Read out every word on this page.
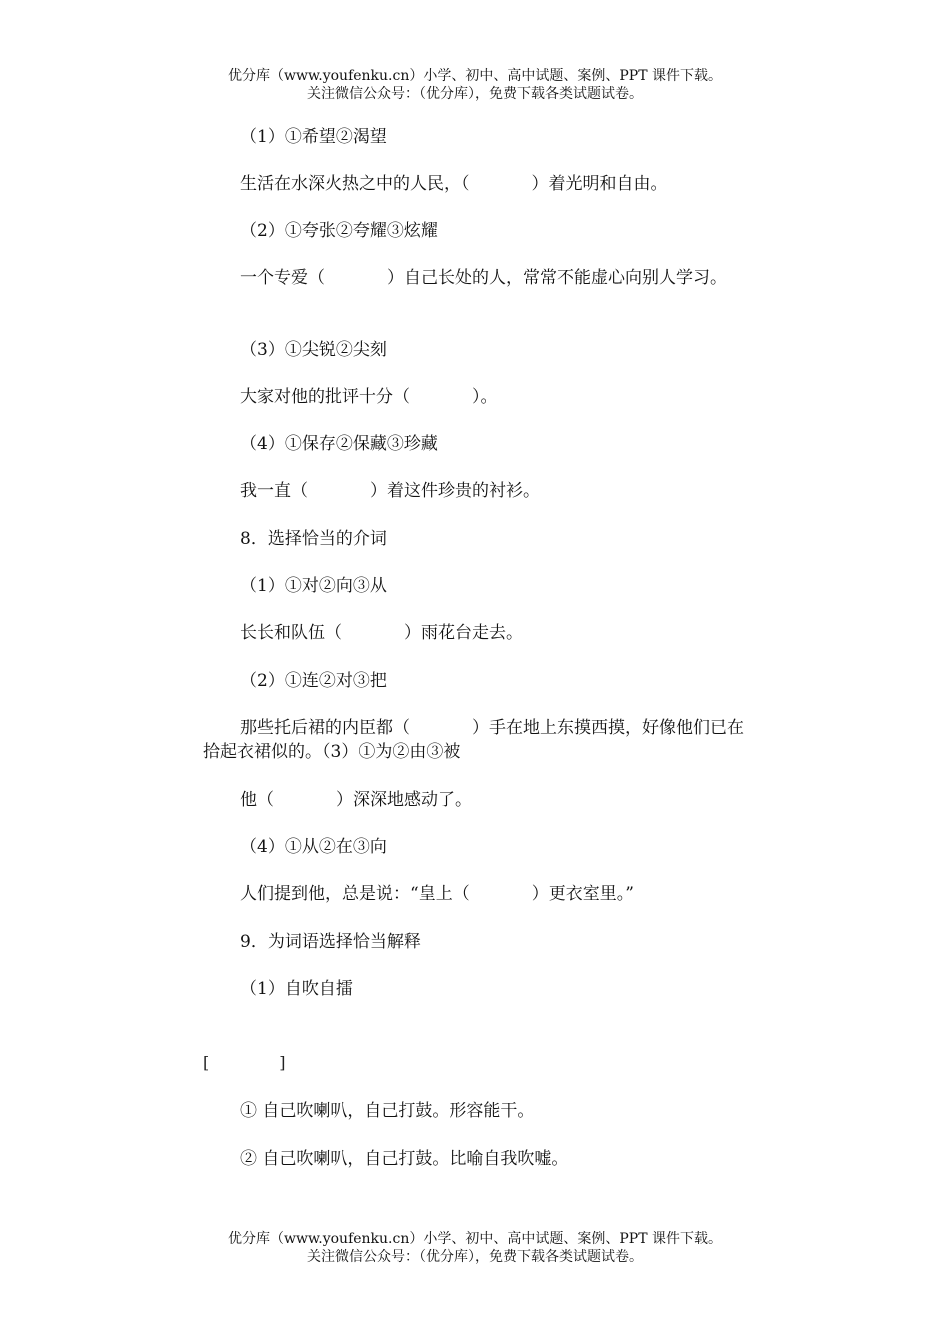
优分库（www.youfenku.cn）小学、初中、高中试题、案例、PPT 课件下载。
关注微信公众号：（优分库），免费下载各类试题试卷。
（1）①希望②渴望
生活在水深火热之中的人民，（	）着光明和自由。
（2）①夸张②夸耀③炫耀
一个专爱（	）自己长处的人，常常不能虚心向别人学习。
（3）①尖锐②尖刻
大家对他的批评十分（	）。
（4）①保存②保藏③珍藏
我一直（	）着这件珍贵的衬衫。
8．选择恰当的介词
（1）①对②向③从
长长和队伍（	）雨花台走去。
（2）①连②对③把
那些托后裙的内臣都（	）手在地上东摸西摸，好像他们已在拾起衣裙似的。（3）①为②由③被
他（	）深深地感动了。
（4）①从②在③向
人们提到他，总是说：“皇上（	）更衣室里。”
9．为词语选择恰当解释
（1）自吹自擂
[	]
① 自己吹喇叭，自己打鼓。形容能干。
② 自己吹喇叭，自己打鼓。比喻自我吹嘘。
优分库（www.youfenku.cn）小学、初中、高中试题、案例、PPT 课件下载。
关注微信公众号：（优分库），免费下载各类试题试卷。
